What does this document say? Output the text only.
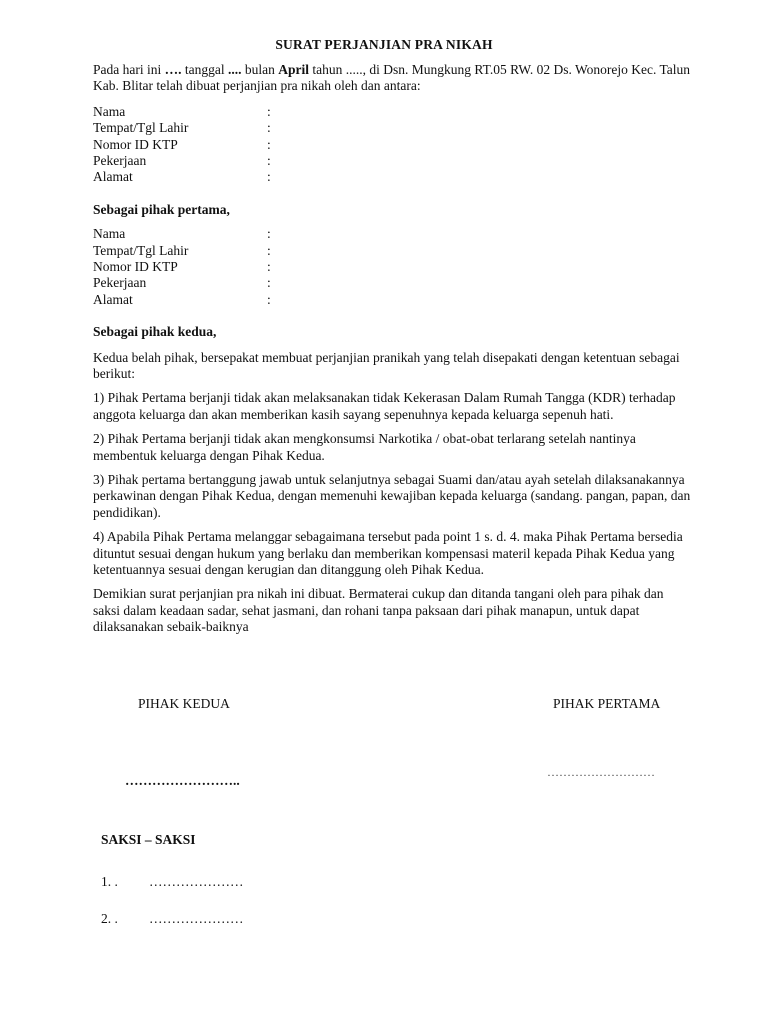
SURAT PERJANJIAN PRA NIKAH

Pada hari ini …. tanggal .... bulan April tahun ....., di Dsn. Mungkung RT.05 RW. 02 Ds. Wonorejo Kec. Talun Kab. Blitar telah dibuat perjanjian pra nikah oleh dan antara:

Nama	:
Tempat/Tgl Lahir	:
Nomor ID KTP	:
Pekerjaan	:
Alamat	:

Sebagai pihak pertama,

Nama	:
Tempat/Tgl Lahir	:
Nomor ID KTP	:
Pekerjaan	:
Alamat	:

Sebagai pihak kedua,

Kedua belah pihak, bersepakat membuat perjanjian pranikah yang telah disepakati dengan ketentuan sebagai berikut:

1) Pihak Pertama berjanji tidak akan melaksanakan tidak Kekerasan Dalam Rumah Tangga (KDR) terhadap anggota keluarga dan akan memberikan kasih sayang sepenuhnya kepada keluarga sepenuh hati.

2) Pihak Pertama berjanji tidak akan mengkonsumsi Narkotika / obat-obat terlarang setelah nantinya membentuk keluarga dengan Pihak Kedua.

3) Pihak pertama bertanggung jawab untuk selanjutnya sebagai Suami dan/atau ayah setelah dilaksanakannya perkawinan dengan Pihak Kedua, dengan memenuhi kewajiban kepada keluarga (sandang. pangan, papan, dan pendidikan).

4) Apabila Pihak Pertama melanggar sebagaimana tersebut pada point 1 s. d. 4. maka Pihak Pertama bersedia dituntut sesuai dengan hukum yang berlaku dan memberikan kompensasi materil kepada Pihak Kedua yang ketentuannya sesuai dengan kerugian dan ditanggung oleh Pihak Kedua.

Demikian surat perjanjian pra nikah ini dibuat. Bermaterai cukup dan ditanda tangani oleh para pihak dan saksi dalam keadaan sadar, sehat jasmani, dan rohani tanpa paksaan dari pihak manapun, untuk dapat dilaksanakan sebaik-baiknya

PIHAK KEDUA	PIHAK PERTAMA
……………………..
………………………
SAKSI – SAKSI
1. .	…………………
2. .	…………………
